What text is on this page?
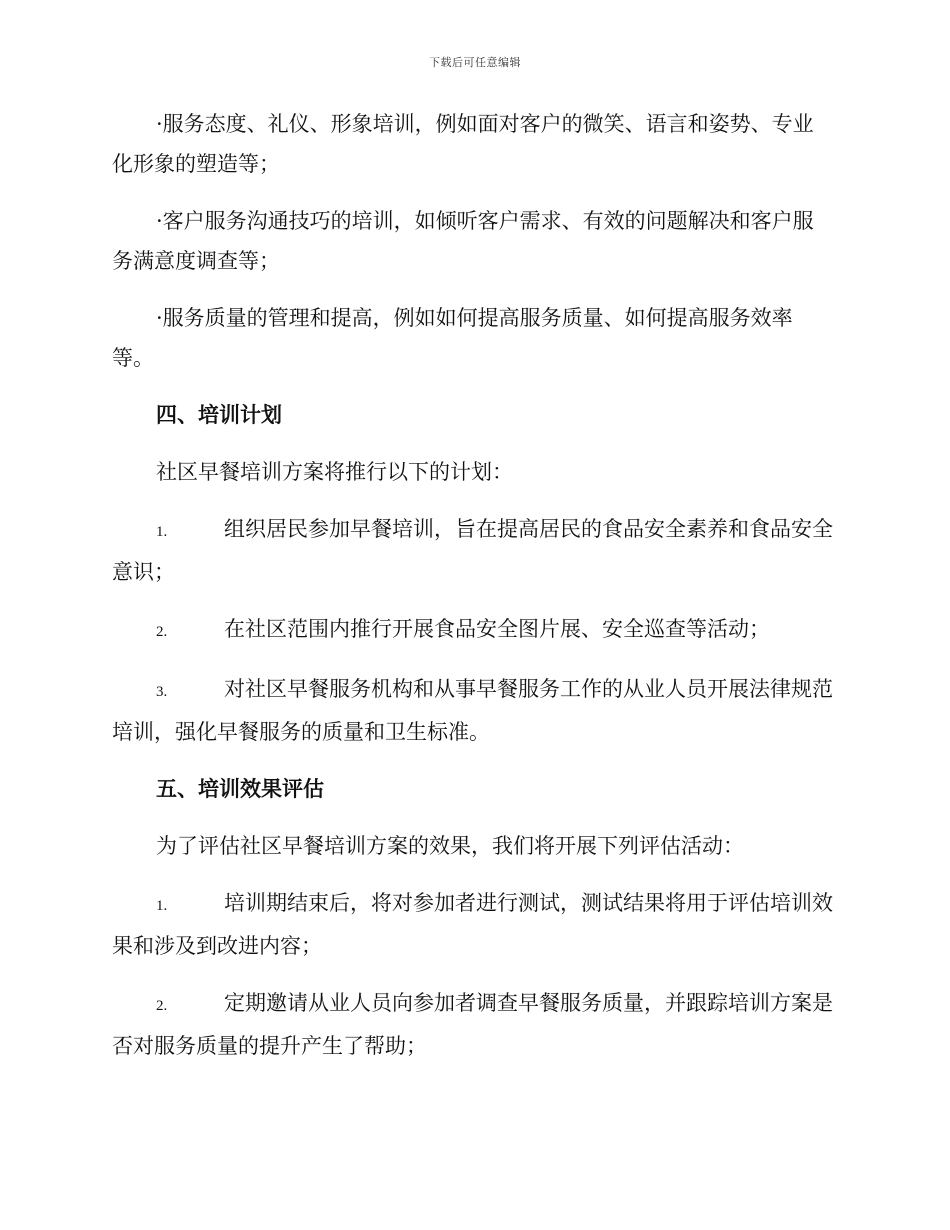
下载后可任意编辑

·服务态度、礼仪、形象培训，例如面对客户的微笑、语言和姿势、专业化形象的塑造等；

·客户服务沟通技巧的培训，如倾听客户需求、有效的问题解决和客户服务满意度调查等；

·服务质量的管理和提高，例如如何提高服务质量、如何提高服务效率等。

四、培训计划

社区早餐培训方案将推行以下的计划：

1.	组织居民参加早餐培训，旨在提高居民的食品安全素养和食品安全意识；

2.	在社区范围内推行开展食品安全图片展、安全巡查等活动；

3.	对社区早餐服务机构和从事早餐服务工作的从业人员开展法律规范培训，强化早餐服务的质量和卫生标准。

五、培训效果评估

为了评估社区早餐培训方案的效果，我们将开展下列评估活动：

1.	培训期结束后，将对参加者进行测试，测试结果将用于评估培训效果和涉及到改进内容；

2.	定期邀请从业人员向参加者调查早餐服务质量，并跟踪培训方案是否对服务质量的提升产生了帮助；
